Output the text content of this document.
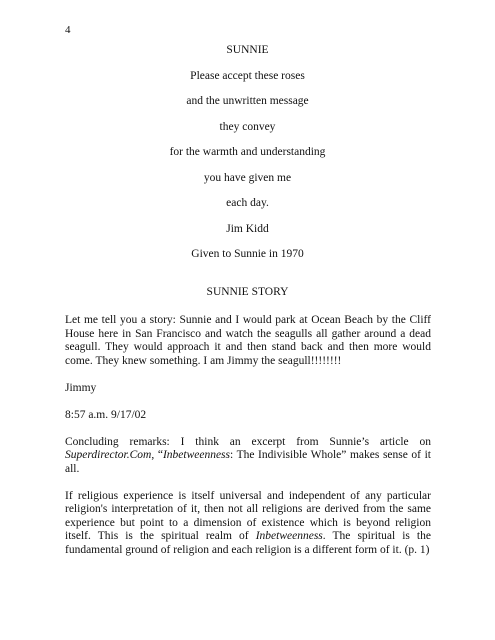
4
SUNNIE
Please accept these roses
and the unwritten message
they convey
for the warmth and understanding
you have given me
each day.
Jim Kidd
Given to Sunnie in 1970
SUNNIE STORY

Let me tell you a story: Sunnie and I would park at Ocean Beach by the Cliff House here in San Francisco and watch the seagulls all gather around a dead seagull. They would approach it and then stand back and then more would come. They knew something. I am Jimmy the seagull!!!!!!!!

Jimmy

8:57 a.m. 9/17/02

Concluding remarks: I think an excerpt from Sunnie’s article on Superdirector.Com, “Inbetweenness: The Indivisible Whole” makes sense of it all.

If religious experience is itself universal and independent of any particular religion's interpretation of it, then not all religions are derived from the same experience but point to a dimension of existence which is beyond religion itself. This is the spiritual realm of Inbetweenness. The spiritual is the fundamental ground of religion and each religion is a different form of it. (p. 1)
